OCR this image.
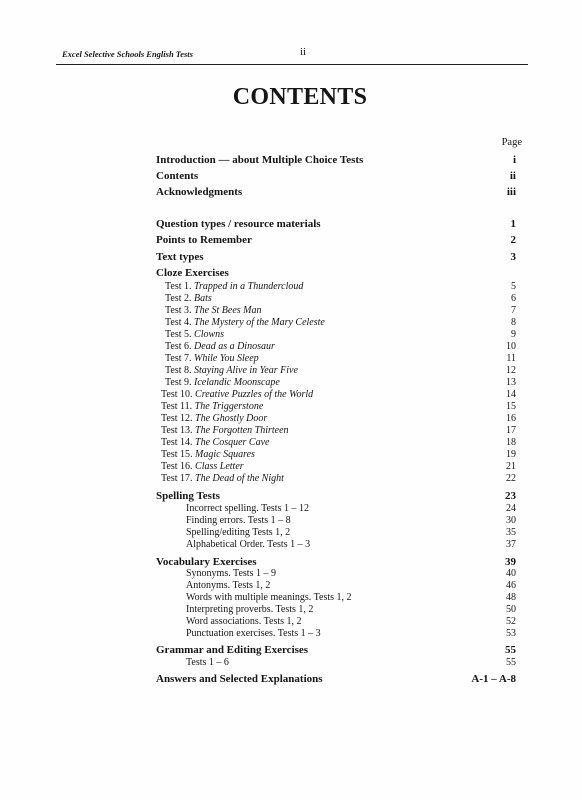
Excel Selective Schools English Tests	ii
CONTENTS
Page
Introduction — about Multiple Choice Tests	i
Contents	ii
Acknowledgments	iii
Question types / resource materials	1
Points to Remember	2
Text types	3
Cloze Exercises
Test 1. Trapped in a Thundercloud	5
Test 2. Bats	6
Test 3. The St Bees Man	7
Test 4. The Mystery of the Mary Celeste	8
Test 5. Clowns	9
Test 6. Dead as a Dinosaur	10
Test 7. While You Sleep	11
Test 8. Staying Alive in Year Five	12
Test 9. Icelandic Moonscape	13
Test 10. Creative Puzzles of the World	14
Test 11. The Triggerstone	15
Test 12. The Ghostly Door	16
Test 13. The Forgotten Thirteen	17
Test 14. The Cosquer Cave	18
Test 15. Magic Squares	19
Test 16. Class Letter	21
Test 17. The Dead of the Night	22
Spelling Tests	23
Incorrect spelling. Tests 1 – 12	24
Finding errors. Tests 1 – 8	30
Spelling/editing Tests 1, 2	35
Alphabetical Order. Tests 1 – 3	37
Vocabulary Exercises	39
Synonyms. Tests 1 – 9	40
Antonyms. Tests 1, 2	46
Words with multiple meanings. Tests 1, 2	48
Interpreting proverbs. Tests 1, 2	50
Word associations. Tests 1, 2	52
Punctuation exercises. Tests 1 – 3	53
Grammar and Editing Exercises	55
Tests 1 – 6	55
Answers and Selected Explanations	A-1 – A-8
